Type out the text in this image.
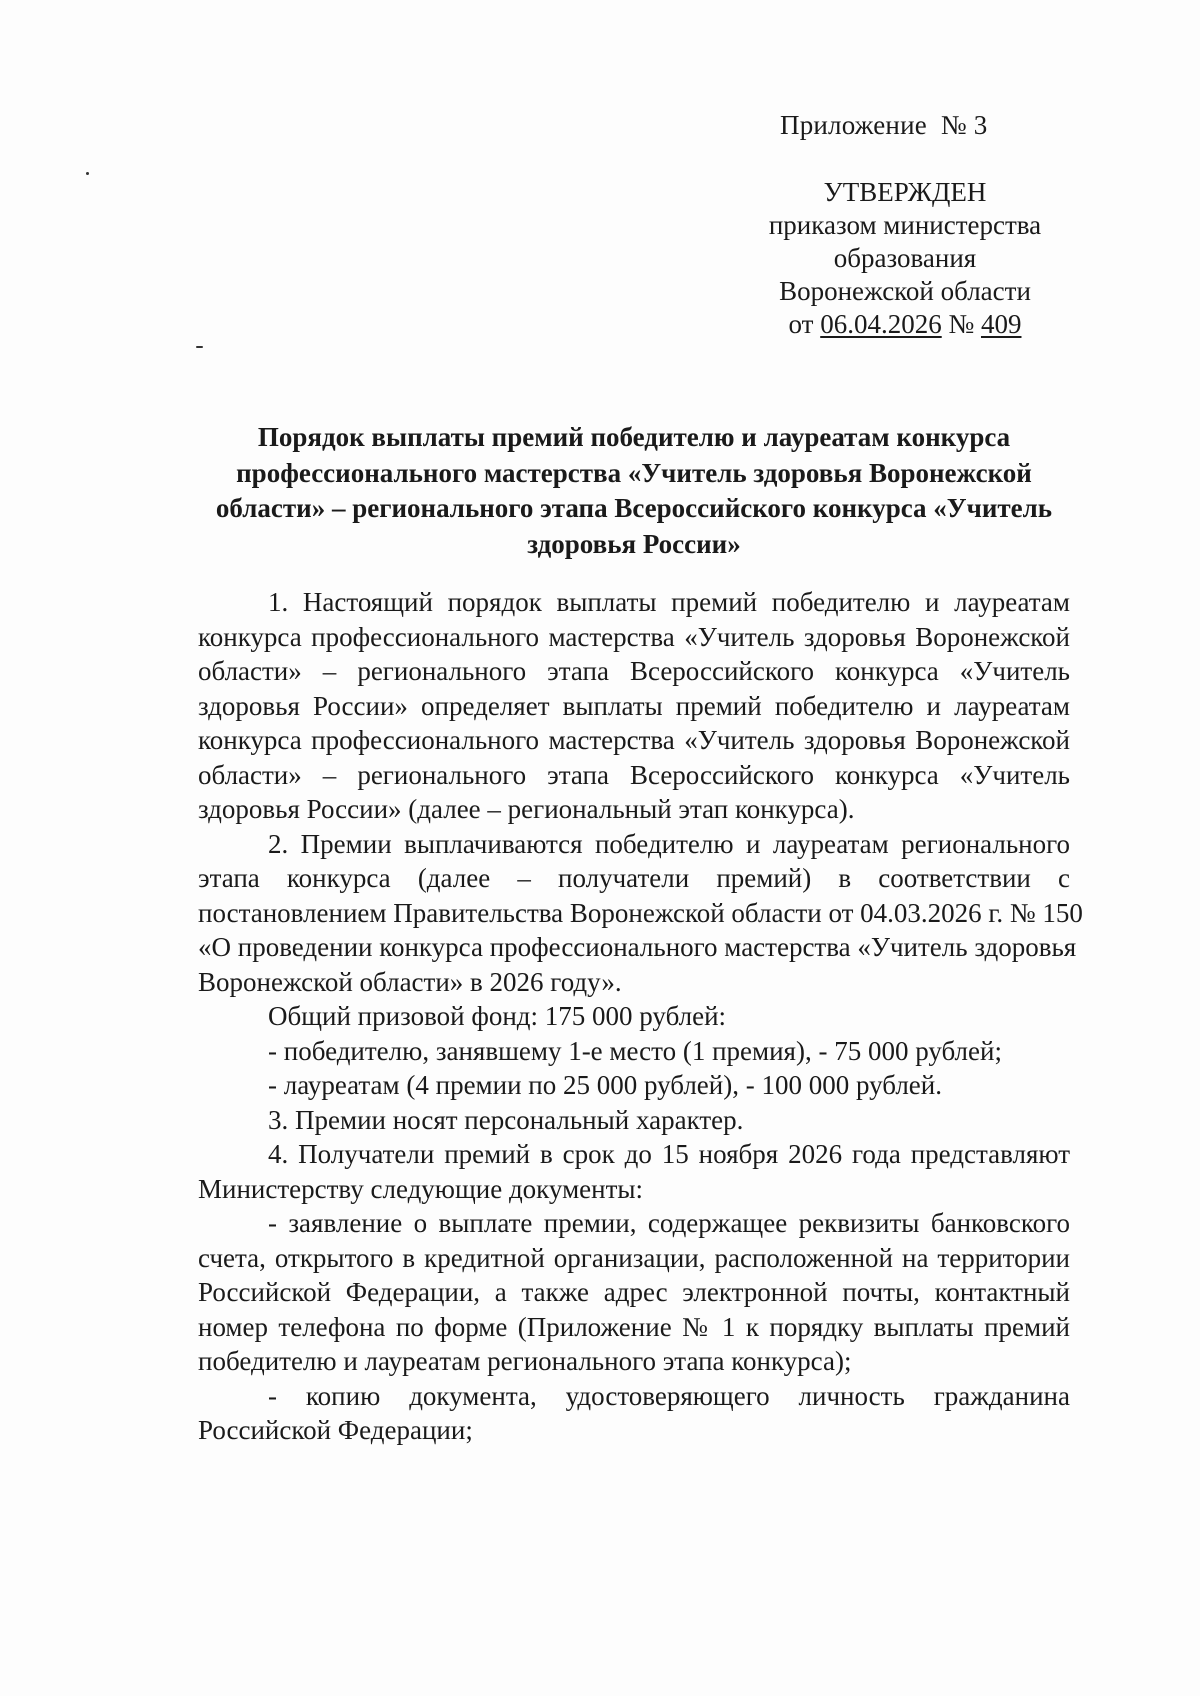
Приложение  № 3
УТВЕРЖДЕН
приказом министерства
образования
Воронежской области
от 06.04.2026 № 409
Порядок выплаты премий победителю и лауреатам конкурса
профессионального мастерства «Учитель здоровья Воронежской
области» – регионального этапа Всероссийского конкурса «Учитель
здоровья России»
1. Настоящий порядок выплаты премий победителю и лауреатам
конкурса профессионального мастерства «Учитель здоровья Воронежской
области» – регионального этапа Всероссийского конкурса «Учитель
здоровья России» определяет выплаты премий победителю и лауреатам
конкурса профессионального мастерства «Учитель здоровья Воронежской
области» – регионального этапа Всероссийского конкурса «Учитель
здоровья России» (далее – региональный этап конкурса).
2. Премии выплачиваются победителю и лауреатам регионального
этапа конкурса (далее – получатели премий) в соответствии с
постановлением Правительства Воронежской области от 04.03.2026 г. № 150
«О проведении конкурса профессионального мастерства «Учитель здоровья
Воронежской области» в 2026 году».
Общий призовой фонд: 175 000 рублей:
- победителю, занявшему 1-е место (1 премия), - 75 000 рублей;
- лауреатам (4 премии по 25 000 рублей), - 100 000 рублей.
3. Премии носят персональный характер.
4. Получатели премий в срок до 15 ноября 2026 года представляют
Министерству следующие документы:
- заявление о выплате премии, содержащее реквизиты банковского
счета, открытого в кредитной организации, расположенной на территории
Российской Федерации, а также адрес электронной почты, контактный
номер телефона по форме (Приложение № 1 к порядку выплаты премий
победителю и лауреатам регионального этапа конкурса);
- копию документа, удостоверяющего личность гражданина
Российской Федерации;
